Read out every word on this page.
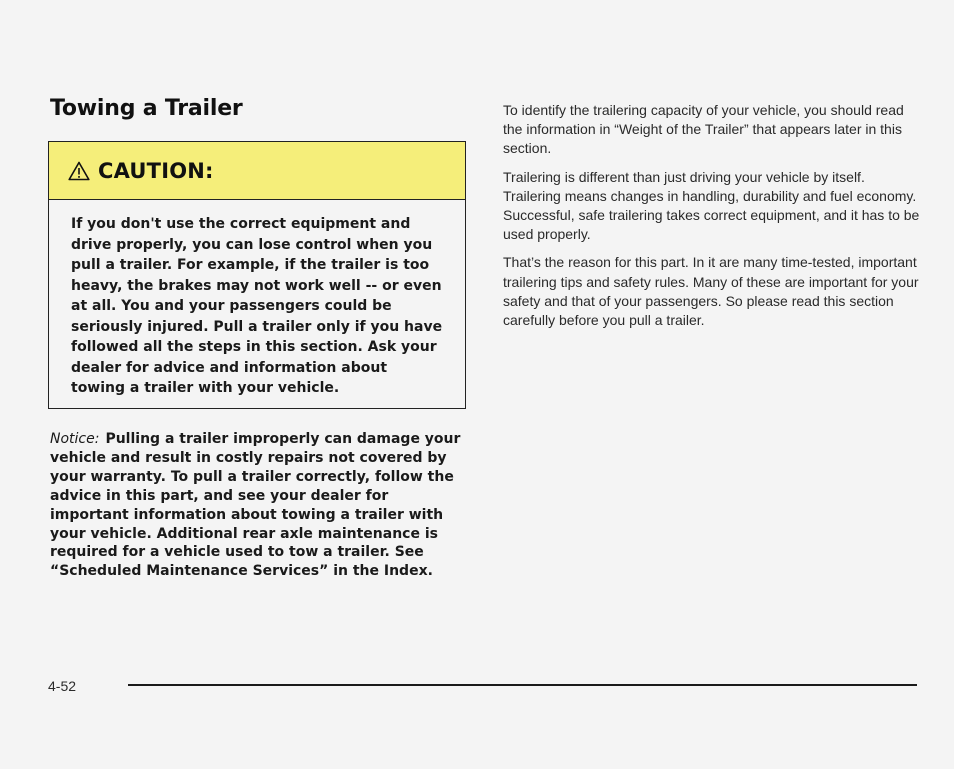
Towing a Trailer
CAUTION:
If you don't use the correct equipment and drive properly, you can lose control when you pull a trailer. For example, if the trailer is too heavy, the brakes may not work well -- or even at all. You and your passengers could be seriously injured. Pull a trailer only if you have followed all the steps in this section. Ask your dealer for advice and information about towing a trailer with your vehicle.
Notice: Pulling a trailer improperly can damage your vehicle and result in costly repairs not covered by your warranty. To pull a trailer correctly, follow the advice in this part, and see your dealer for important information about towing a trailer with your vehicle. Additional rear axle maintenance is required for a vehicle used to tow a trailer. See “Scheduled Maintenance Services” in the Index.

To identify the trailering capacity of your vehicle, you should read the information in “Weight of the Trailer” that appears later in this section.

Trailering is different than just driving your vehicle by itself. Trailering means changes in handling, durability and fuel economy. Successful, safe trailering takes correct equipment, and it has to be used properly.

That’s the reason for this part. In it are many time-tested, important trailering tips and safety rules. Many of these are important for your safety and that of your passengers. So please read this section carefully before you pull a trailer.

4-52
